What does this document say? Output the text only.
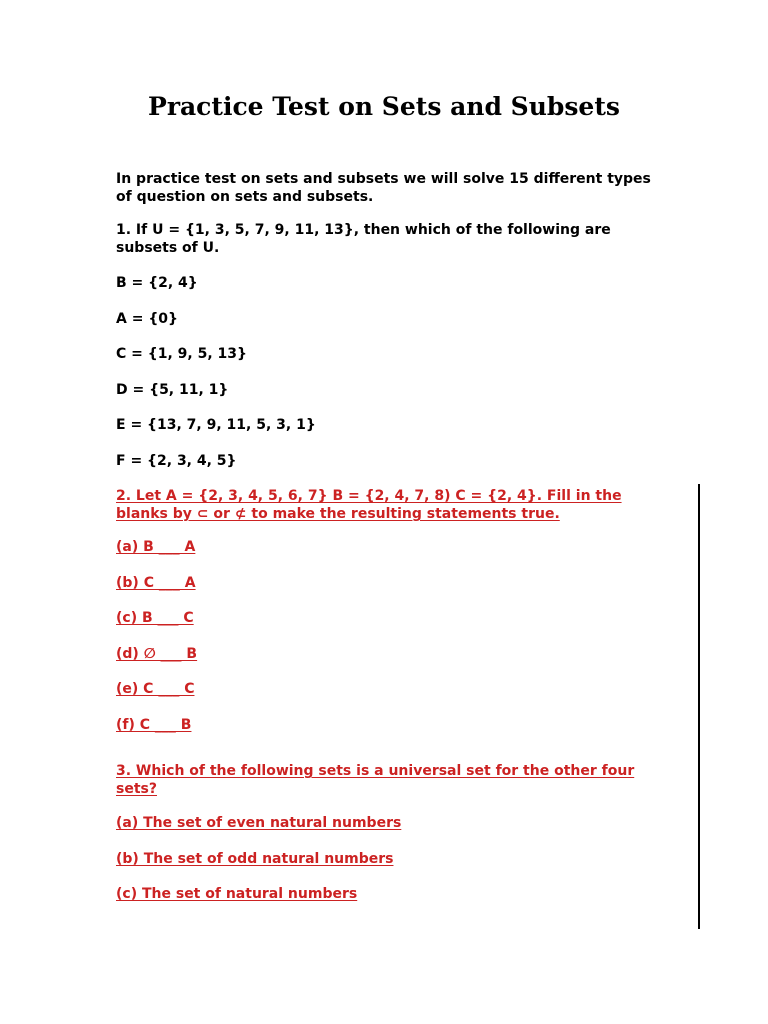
Practice Test on Sets and Subsets

In practice test on sets and subsets we will solve 15 different types of question on sets and subsets.

1. If U = {1, 3, 5, 7, 9, 11, 13}, then which of the following are subsets of U.

B = {2, 4}
A = {0}
C = {1, 9, 5, 13}
D = {5, 11, 1}
E = {13, 7, 9, 11, 5, 3, 1}
F = {2, 3, 4, 5}

2. Let A = {2, 3, 4, 5, 6, 7} B = {2, 4, 7, 8) C = {2, 4}. Fill in the blanks by ⊂ or ⊄ to make the resulting statements true.

(a) B ___ A
(b) C ___ A
(c) B ___ C
(d) ∅ ___ B
(e) C ___ C
(f) C ___ B

3. Which of the following sets is a universal set for the other four sets?

(a) The set of even natural numbers
(b) The set of odd natural numbers
(c) The set of natural numbers
